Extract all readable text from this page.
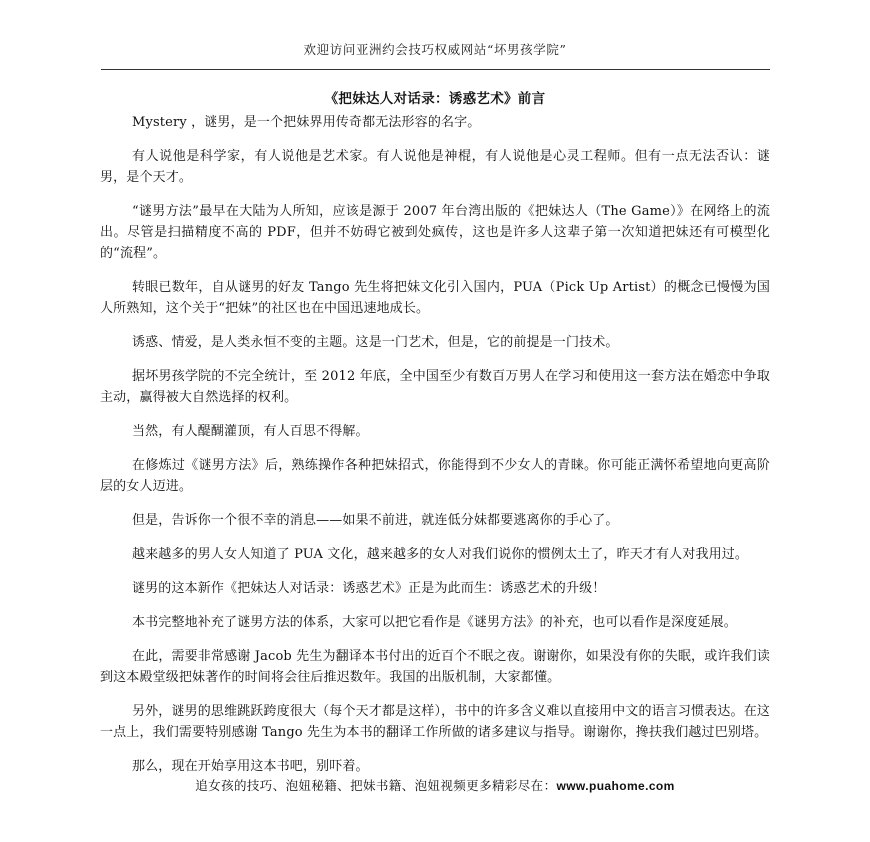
欢迎访问亚洲约会技巧权威网站“坏男孩学院”
《把妹达人对话录：诱惑艺术》前言

Mystery ，谜男，是一个把妹界用传奇都无法形容的名字。

有人说他是科学家，有人说他是艺术家。有人说他是神棍，有人说他是心灵工程师。但有一点无法否认：谜男，是个天才。

“谜男方法”最早在大陆为人所知，应该是源于 2007 年台湾出版的《把妹达人（The Game）》在网络上的流出。尽管是扫描精度不高的 PDF，但并不妨碍它被到处疯传，这也是许多人这辈子第一次知道把妹还有可模型化的“流程”。

转眼已数年，自从谜男的好友 Tango 先生将把妹文化引入国内，PUA（Pick Up Artist）的概念已慢慢为国人所熟知，这个关于“把妹”的社区也在中国迅速地成长。

诱惑、情爱，是人类永恒不变的主题。这是一门艺术，但是，它的前提是一门技术。

据坏男孩学院的不完全统计，至 2012 年底，全中国至少有数百万男人在学习和使用这一套方法在婚恋中争取主动，赢得被大自然选择的权利。

当然，有人醍醐灌顶，有人百思不得解。

在修炼过《谜男方法》后，熟练操作各种把妹招式，你能得到不少女人的青睐。你可能正满怀希望地向更高阶层的女人迈进。

但是，告诉你一个很不幸的消息——如果不前进，就连低分妹都要逃离你的手心了。

越来越多的男人女人知道了 PUA 文化，越来越多的女人对我们说你的惯例太土了，昨天才有人对我用过。

谜男的这本新作《把妹达人对话录：诱惑艺术》正是为此而生：诱惑艺术的升级！

本书完整地补充了谜男方法的体系，大家可以把它看作是《谜男方法》的补充，也可以看作是深度延展。

在此，需要非常感谢 Jacob 先生为翻译本书付出的近百个不眠之夜。谢谢你，如果没有你的失眠，或许我们读到这本殿堂级把妹著作的时间将会往后推迟数年。我国的出版机制，大家都懂。

另外，谜男的思维跳跃跨度很大（每个天才都是这样），书中的许多含义难以直接用中文的语言习惯表达。在这一点上，我们需要特别感谢 Tango 先生为本书的翻译工作所做的诸多建议与指导。谢谢你，搀扶我们越过巴别塔。

那么，现在开始享用这本书吧，别吓着。

追女孩的技巧、泡妞秘籍、把妹书籍、泡妞视频更多精彩尽在：www.puahome.com
